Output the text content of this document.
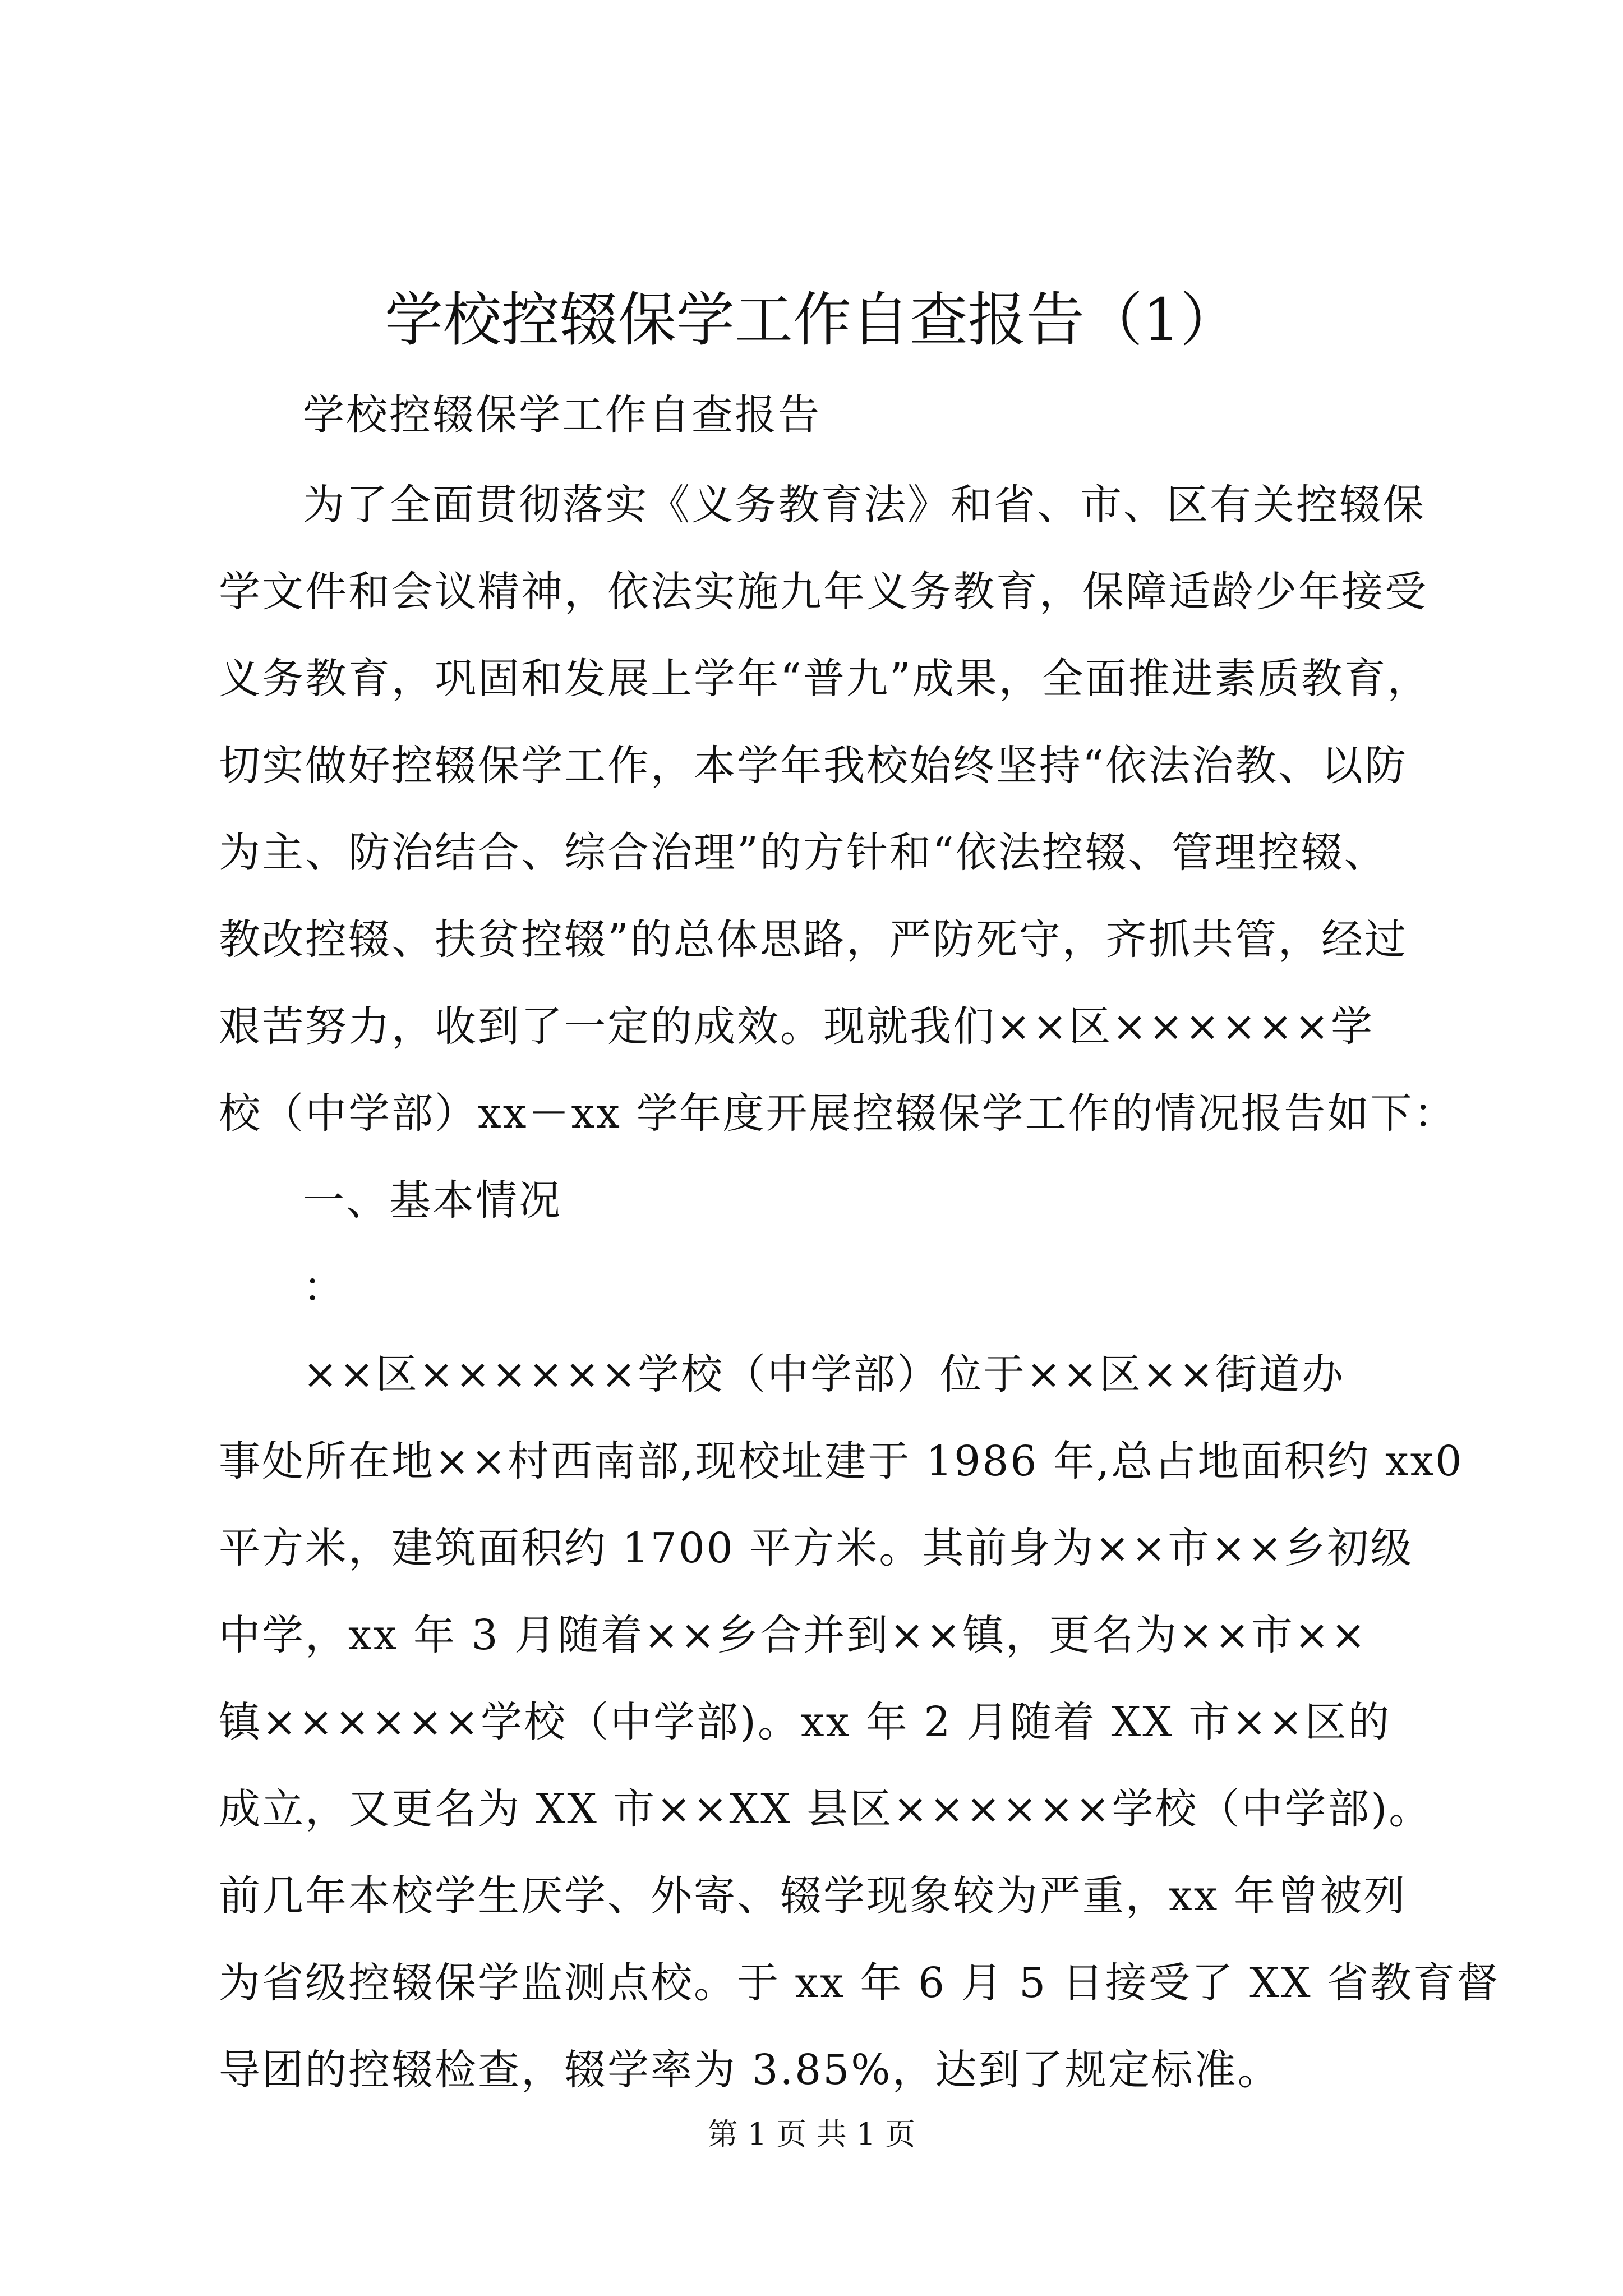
学校控辍保学工作自查报告（1）

学校控辍保学工作自查报告

为了全面贯彻落实《义务教育法》和省、市、区有关控辍保

学文件和会议精神，依法实施九年义务教育，保障适龄少年接受

义务教育，巩固和发展上学年“普九”成果，全面推进素质教育，

切实做好控辍保学工作，本学年我校始终坚持“依法治教、以防

为主、防治结合、综合治理”的方针和“依法控辍、管理控辍、

教改控辍、扶贫控辍”的总体思路，严防死守，齐抓共管，经过

艰苦努力，收到了一定的成效。现就我们××区××××××学

校（中学部）xx－xx 学年度开展控辍保学工作的情况报告如下：

一、基本情况

：

××区××××××学校（中学部）位于××区××街道办

事处所在地××村西南部,现校址建于 1986 年,总占地面积约 xx0

平方米，建筑面积约 1700 平方米。其前身为××市××乡初级

中学，xx 年 3 月随着××乡合并到××镇，更名为××市××

镇××××××学校（中学部)。xx 年 2 月随着 XX 市××区的

成立，又更名为 XX 市××XX 县区××××××学校（中学部)。

前几年本校学生厌学、外寄、辍学现象较为严重，xx 年曾被列

为省级控辍保学监测点校。于 xx 年 6 月 5 日接受了 XX 省教育督

导团的控辍检查，辍学率为 3.85%，达到了规定标准。

第 1 页 共 1 页
